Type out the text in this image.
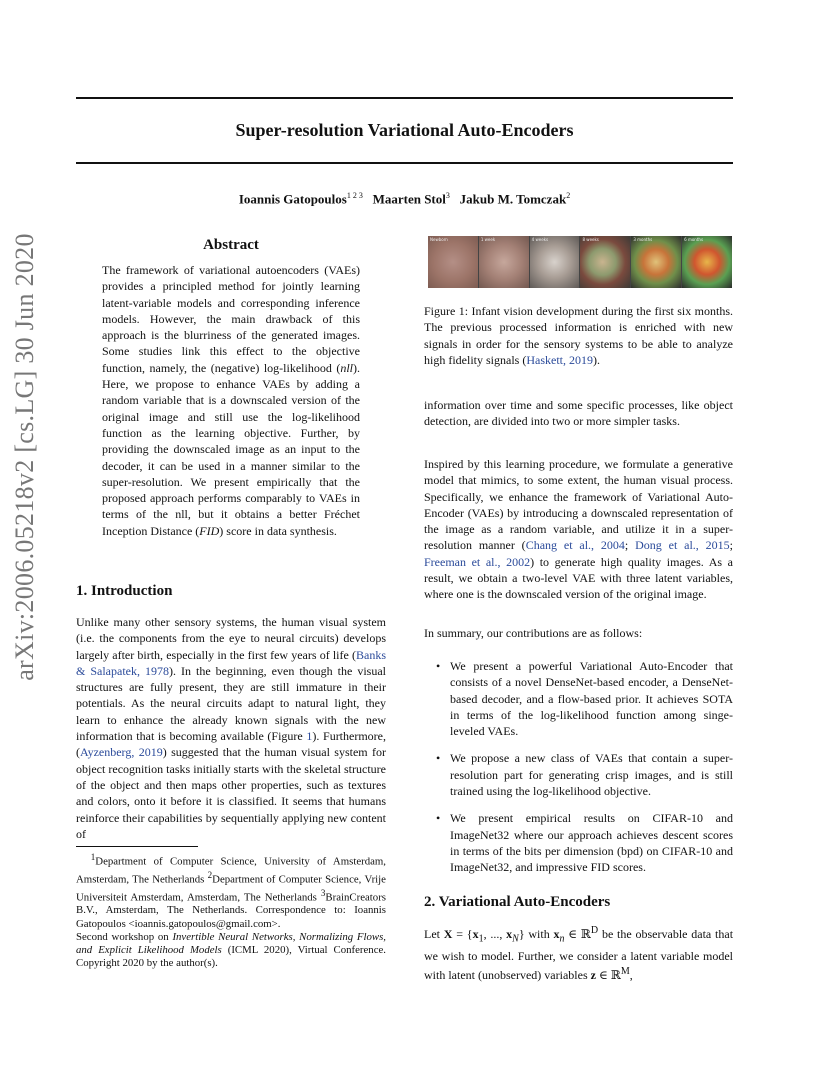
Super-resolution Variational Auto-Encoders
Ioannis Gatopoulos$^{1 2 3}$ Maarten Stol$^3$ Jakub M. Tomczak$^2$
arXiv:2006.05218v2 [cs.LG] 30 Jun 2020	Abstract
The framework of variational autoencoders (VAEs) provides a principled method for jointly learning latent-variable models and corresponding inference models. However, the main drawback of this approach is the blurriness of the generated images. Some studies link this effect to the objective function, namely, the (negative) log-likelihood (nll). Here, we propose to enhance VAEs by adding a random variable that is a downscaled version of the original image and still use the log-likelihood function as the learning objective. Further, by providing the downscaled image as an input to the decoder, it can be used in a manner similar to the super-resolution. We present empirically that the proposed approach performs comparably to VAEs in terms of the nll, but it obtains a better Fréchet Inception Distance (FID) score in data synthesis.
1. Introduction
Unlike many other sensory systems, the human visual system (i.e. the components from the eye to neural circuits) develops largely after birth, especially in the first few years of life (Banks & Salapatek, 1978). In the beginning, even though the visual structures are fully present, they are still immature in their potentials. As the neural circuits adapt to natural light, they learn to enhance the already known signals with the new information that is becoming available (Figure 1). Furthermore, (Ayzenberg, 2019) suggested that the human visual system for object recognition tasks initially starts with the skeletal structure of the object and then maps other properties, such as textures and colors, onto it before it is classified. It seems that humans reinforce their capabilities by sequentially applying new content of
$^1$Department of Computer Science, University of Amsterdam, Amsterdam, The Netherlands $^2$Department of Computer Science, Vrije Universiteit Amsterdam, Amsterdam, The Netherlands $^3$BrainCreators B.V., Amsterdam, The Netherlands. Correspondence to: Ioannis Gatopoulos <ioannis.gatopoulos@gmail.com>.
Second workshop on Invertible Neural Networks, Normalizing Flows, and Explicit Likelihood Models (ICML 2020), Virtual Conference. Copyright 2020 by the author(s).
Newborn	1 week	4 weeks	8 weeks	3 months	6 months
Figure 1: Infant vision development during the first six months. The previous processed information is enriched with new signals in order for the sensory systems to be able to analyze high fidelity signals (Haskett, 2019).
information over time and some specific processes, like object detection, are divided into two or more simpler tasks.
Inspired by this learning procedure, we formulate a generative model that mimics, to some extent, the human visual process. Specifically, we enhance the framework of Variational Auto-Encoder (VAEs) by introducing a downscaled representation of the image as a random variable, and utilize it in a super-resolution manner (Chang et al., 2004; Dong et al., 2015; Freeman et al., 2002) to generate high quality images. As a result, we obtain a two-level VAE with three latent variables, where one is the downscaled version of the original image.
In summary, our contributions are as follows:
• We present a powerful Variational Auto-Encoder that consists of a novel DenseNet-based encoder, a DenseNet-based decoder, and a flow-based prior. It achieves SOTA in terms of the log-likelihood function among singe-leveled VAEs.
• We propose a new class of VAEs that contain a super-resolution part for generating crisp images, and is still trained using the log-likelihood objective.
• We present empirical results on CIFAR-10 and ImageNet32 where our approach achieves descent scores in terms of the bits per dimension (bpd) on CIFAR-10 and ImageNet32, and impressive FID scores.
2. Variational Auto-Encoders
Let $X = \{x_1$, ..., $x_N$} with $x_n$ ∈ ℝ$^D$ be the observable data that we wish to model. Further, we consider a latent variable model with latent (unobserved) variables z ∈ ℝ$^M$,
